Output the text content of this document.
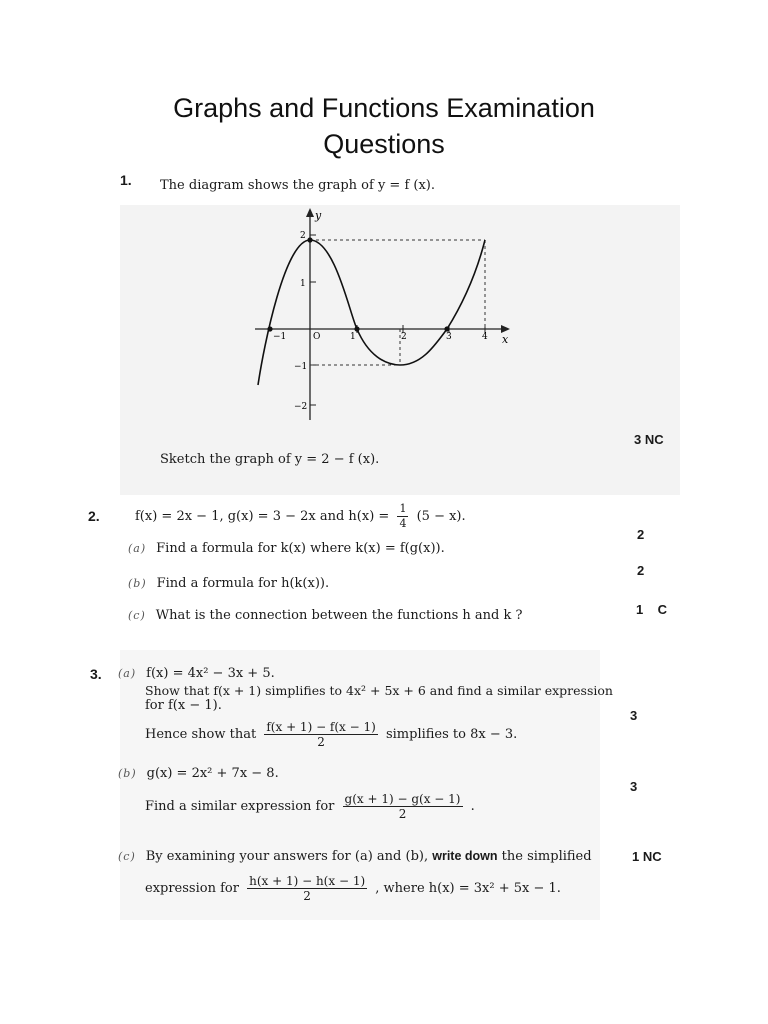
Graphs and Functions Examination
Questions
1. The diagram shows the graph of y = f (x).
y
x
2
1
−1
−2
−1	O	1	2	3	4
3 NC
Sketch the graph of y = 2 − f (x).
2.	f(x) = 2x − 1, g(x) = 3 − 2x and $h(x) = \frac{1}{4} (5 - x)$.
2
(a) Find a formula for k(x) where k(x) = f(g(x)).
2
(b) Find a formula for h(k(x)).
1    C
(c) What is the connection between the functions h and k ?
3. (a) f(x) = 4x² − 3x + 5.
Show that f(x + 1) simplifies to 4x² + 5x + 6 and find a similar expression
for f(x − 1).
3
Hence show that $\frac{f(x + 1) - f(x - 1)}{2}$ simplifies to 8x − 3.
(b) g(x) = 2x² + 7x − 8.
3
Find a similar expression for $\frac{g(x + 1) - g(x - 1)}{2}$ .
(c) By examining your answers for (a) and (b), write down the simplified	1 NC
expression for $\frac{h(x + 1) - h(x - 1)}{2}$ , where h(x) = 3x² + 5x − 1.
